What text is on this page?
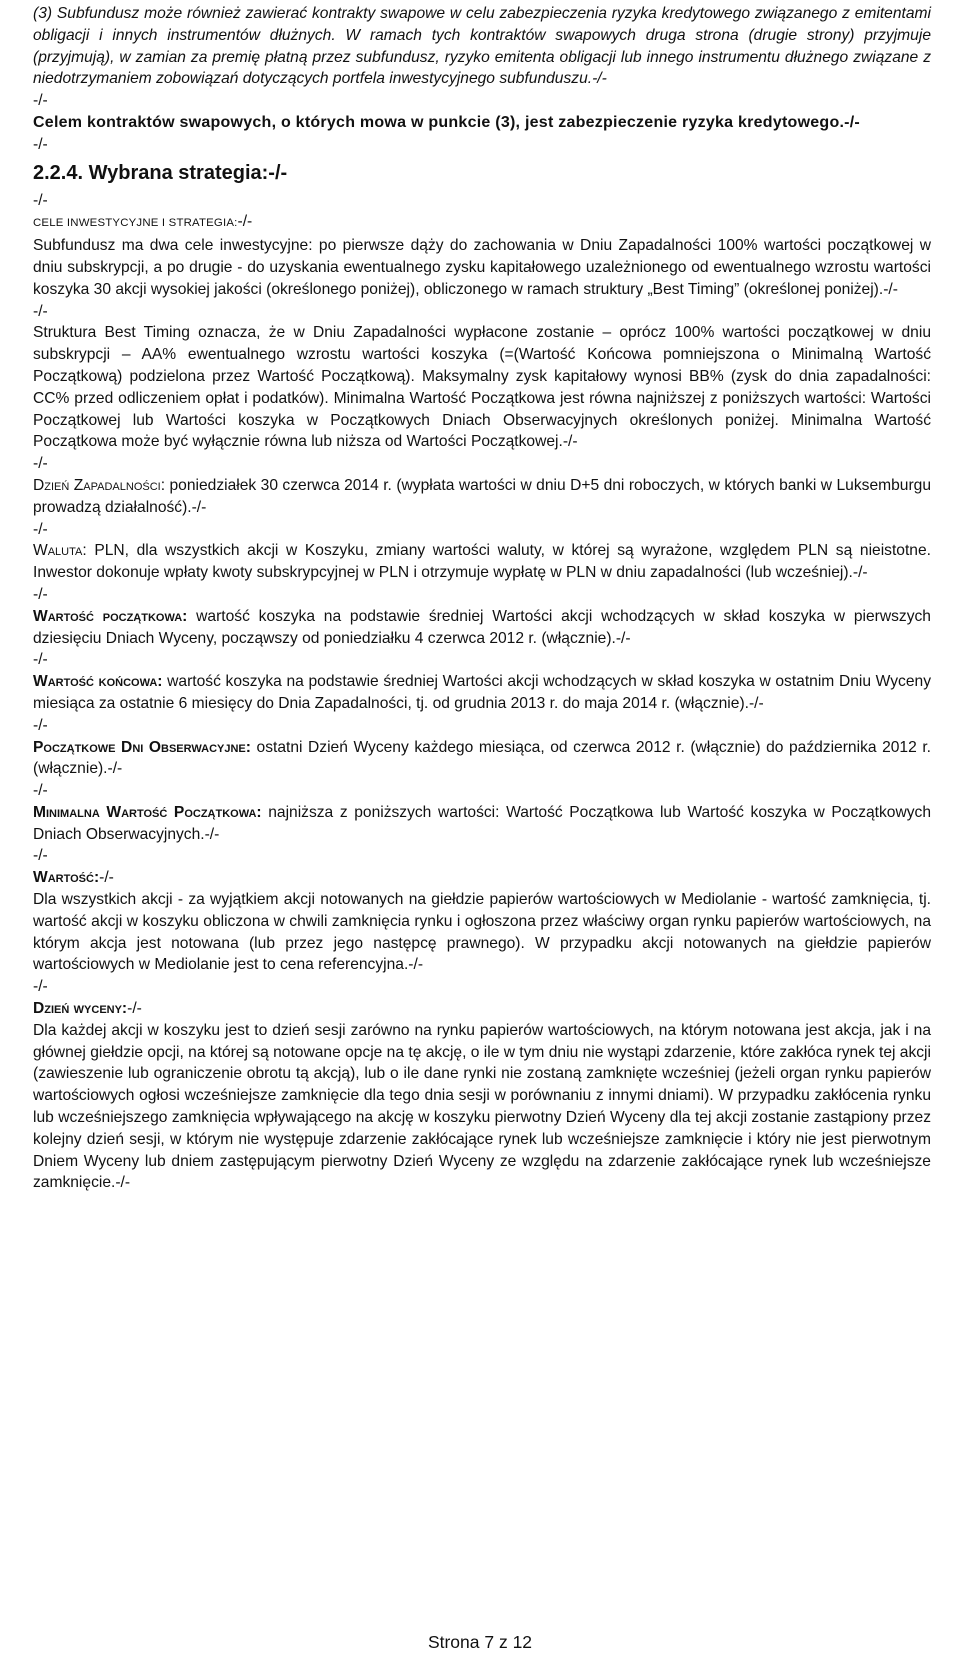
(3) Subfundusz może również zawierać kontrakty swapowe w celu zabezpieczenia ryzyka kredytowego związanego z emitentami obligacji i innych instrumentów dłużnych. W ramach tych kontraktów swapowych druga strona (drugie strony) przyjmuje (przyjmują), w zamian za premię płatną przez subfundusz, ryzyko emitenta obligacji lub innego instrumentu dłużnego związane z niedotrzymaniem zobowiązań dotyczących portfela inwestycyjnego subfunduszu.-/-

-/-

Celem kontraktów swapowych, o których mowa w punkcie (3), jest zabezpieczenie ryzyka kredytowego.-/-

-/-

2.2.4. Wybrana strategia:-/-

-/-

CELE INWESTYCYJNE I STRATEGIA:-/-

Subfundusz ma dwa cele inwestycyjne: po pierwsze dąży do zachowania w Dniu Zapadalności 100% wartości początkowej w dniu subskrypcji, a po drugie - do uzyskania ewentualnego zysku kapitałowego uzależnionego od ewentualnego wzrostu wartości koszyka 30 akcji wysokiej jakości (określonego poniżej), obliczonego w ramach struktury „Best Timing” (określonej poniżej).-/-

-/-

Struktura Best Timing oznacza, że w Dniu Zapadalności wypłacone zostanie – oprócz 100% wartości początkowej w dniu subskrypcji – AA% ewentualnego wzrostu wartości koszyka (=(Wartość Końcowa pomniejszona o Minimalną Wartość Początkową) podzielona przez Wartość Początkową). Maksymalny zysk kapitałowy wynosi BB% (zysk do dnia zapadalności: CC% przed odliczeniem opłat i podatków). Minimalna Wartość Początkowa jest równa najniższej z poniższych wartości: Wartości Początkowej lub Wartości koszyka w Początkowych Dniach Obserwacyjnych określonych poniżej. Minimalna Wartość Początkowa może być wyłącznie równa lub niższa od Wartości Początkowej.-/-

-/-

Dzień Zapadalności: poniedziałek 30 czerwca 2014 r. (wypłata wartości w dniu D+5 dni roboczych, w których banki w Luksemburgu prowadzą działalność).-/-

-/-

Waluta: PLN, dla wszystkich akcji w Koszyku, zmiany wartości waluty, w której są wyrażone, względem PLN są nieistotne. Inwestor dokonuje wpłaty kwoty subskrypcyjnej w PLN i otrzymuje wypłatę w PLN w dniu zapadalności (lub wcześniej).-/-

-/-

Wartość początkowa: wartość koszyka na podstawie średniej Wartości akcji wchodzących w skład koszyka w pierwszych dziesięciu Dniach Wyceny, począwszy od poniedziałku 4 czerwca 2012 r. (włącznie).-/-

-/-

Wartość końcowa: wartość koszyka na podstawie średniej Wartości akcji wchodzących w skład koszyka w ostatnim Dniu Wyceny miesiąca za ostatnie 6 miesięcy do Dnia Zapadalności, tj. od grudnia 2013 r. do maja 2014 r. (włącznie).-/-

-/-

Początkowe Dni Obserwacyjne: ostatni Dzień Wyceny każdego miesiąca, od czerwca 2012 r. (włącznie) do października 2012 r. (włącznie).-/-

-/-

Minimalna Wartość Początkowa: najniższa z poniższych wartości: Wartość Początkowa lub Wartość koszyka w Początkowych Dniach Obserwacyjnych.-/-

-/-

Wartość:-/-

Dla wszystkich akcji - za wyjątkiem akcji notowanych na giełdzie papierów wartościowych w Mediolanie - wartość zamknięcia, tj. wartość akcji w koszyku obliczona w chwili zamknięcia rynku i ogłoszona przez właściwy organ rynku papierów wartościowych, na którym akcja jest notowana (lub przez jego następcę prawnego). W przypadku akcji notowanych na giełdzie papierów wartościowych w Mediolanie jest to cena referencyjna.-/-

-/-

Dzień wyceny:-/-

Dla każdej akcji w koszyku jest to dzień sesji zarówno na rynku papierów wartościowych, na którym notowana jest akcja, jak i na głównej giełdzie opcji, na której są notowane opcje na tę akcję, o ile w tym dniu nie wystąpi zdarzenie, które zakłóca rynek tej akcji (zawieszenie lub ograniczenie obrotu tą akcją), lub o ile dane rynki nie zostaną zamknięte wcześniej (jeżeli organ rynku papierów wartościowych ogłosi wcześniejsze zamknięcie dla tego dnia sesji w porównaniu z innymi dniami). W przypadku zakłócenia rynku lub wcześniejszego zamknięcia wpływającego na akcję w koszyku pierwotny Dzień Wyceny dla tej akcji zostanie zastąpiony przez kolejny dzień sesji, w którym nie występuje zdarzenie zakłócające rynek lub wcześniejsze zamknięcie i który nie jest pierwotnym Dniem Wyceny lub dniem zastępującym pierwotny Dzień Wyceny ze względu na zdarzenie zakłócające rynek lub wcześniejsze zamknięcie.-/-

Strona 7 z 12
